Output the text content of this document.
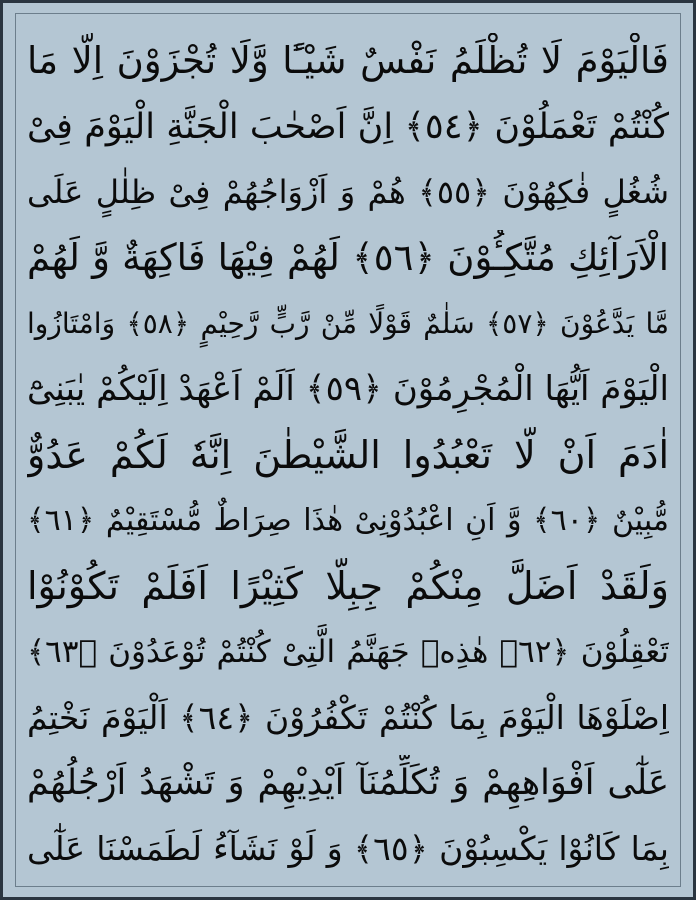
فَالْيَوْمَ لَا تُظْلَمُ نَفْسٌ شَيْـًٔا وَّلَا تُجْزَوْنَ اِلَّا مَا
كُنْتُمْ تَعْمَلُوْنَ ﴿٥٤﴾ اِنَّ اَصْحٰبَ الْجَنَّةِ الْيَوْمَ فِىْ
شُغُلٍ فٰكِهُوْنَ ﴿٥٥﴾ هُمْ وَ اَزْوَاجُهُمْ فِىْ ظِلٰلٍ عَلَى
الْاَرَآئِكِ مُتَّكِـُٔوْنَ ﴿٥٦﴾ لَهُمْ فِيْهَا فَاكِهَةٌ وَّ لَهُمْ
مَّا يَدَّعُوْنَ ﴿٥٧﴾ سَلٰمٌ قَوْلًا مِّنْ رَّبٍّ رَّحِيْمٍ ﴿٥٨﴾ وَامْتَازُوا
الْيَوْمَ اَيُّهَا الْمُجْرِمُوْنَ ﴿٥٩﴾ اَلَمْ اَعْهَدْ اِلَيْكُمْ يٰبَنِىْٓ
اٰدَمَ اَنْ لَّا تَعْبُدُوا الشَّيْطٰنَ اِنَّهٗ لَكُمْ عَدُوٌّ
مُّبِيْنٌ ﴿٦٠﴾ وَّ اَنِ اعْبُدُوْنِىْ هٰذَا صِرَاطٌ مُّسْتَقِيْمٌ ﴿٦١﴾
وَلَقَدْ اَضَلَّ مِنْكُمْ جِبِلًّا كَثِيْرًا اَفَلَمْ تَكُوْنُوْا
تَعْقِلُوْنَ ﴿٦٢﴾ هٰذِهٖ جَهَنَّمُ الَّتِىْ كُنْتُمْ تُوْعَدُوْنَ ﴿٦٣﴾
اِصْلَوْهَا الْيَوْمَ بِمَا كُنْتُمْ تَكْفُرُوْنَ ﴿٦٤﴾ اَلْيَوْمَ نَخْتِمُ
عَلٰٓى اَفْوَاهِهِمْ وَ تُكَلِّمُنَآ اَيْدِيْهِمْ وَ تَشْهَدُ اَرْجُلُهُمْ
بِمَا كَانُوْا يَكْسِبُوْنَ ﴿٦٥﴾ وَ لَوْ نَشَآءُ لَطَمَسْنَا عَلٰٓى
